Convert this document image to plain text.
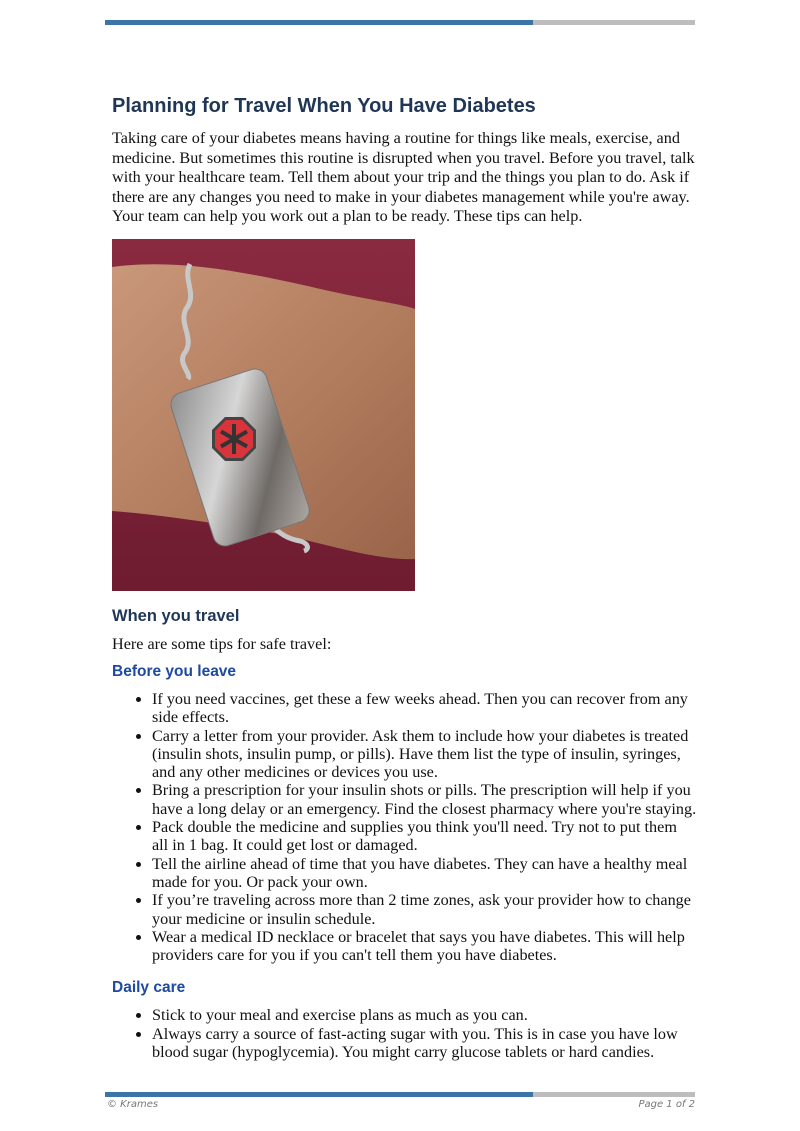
Planning for Travel When You Have Diabetes

Taking care of your diabetes means having a routine for things like meals, exercise, and medicine. But sometimes this routine is disrupted when you travel. Before you travel, talk with your healthcare team. Tell them about your trip and the things you plan to do. Ask if there are any changes you need to make in your diabetes management while you're away. Your team can help you work out a plan to be ready. These tips can help.

When you travel

Here are some tips for safe travel:

Before you leave
• If you need vaccines, get these a few weeks ahead. Then you can recover from any side effects.
• Carry a letter from your provider. Ask them to include how your diabetes is treated (insulin shots, insulin pump, or pills). Have them list the type of insulin, syringes, and any other medicines or devices you use.
• Bring a prescription for your insulin shots or pills. The prescription will help if you have a long delay or an emergency. Find the closest pharmacy where you're staying.
• Pack double the medicine and supplies you think you'll need. Try not to put them all in 1 bag. It could get lost or damaged.
• Tell the airline ahead of time that you have diabetes. They can have a healthy meal made for you. Or pack your own.
• If you’re traveling across more than 2 time zones, ask your provider how to change your medicine or insulin schedule.
• Wear a medical ID necklace or bracelet that says you have diabetes. This will help providers care for you if you can't tell them you have diabetes.
Daily care
• Stick to your meal and exercise plans as much as you can.
• Always carry a source of fast-acting sugar with you. This is in case you have low blood sugar (hypoglycemia). You might carry glucose tablets or hard candies.
© Krames	Page 1 of 2
